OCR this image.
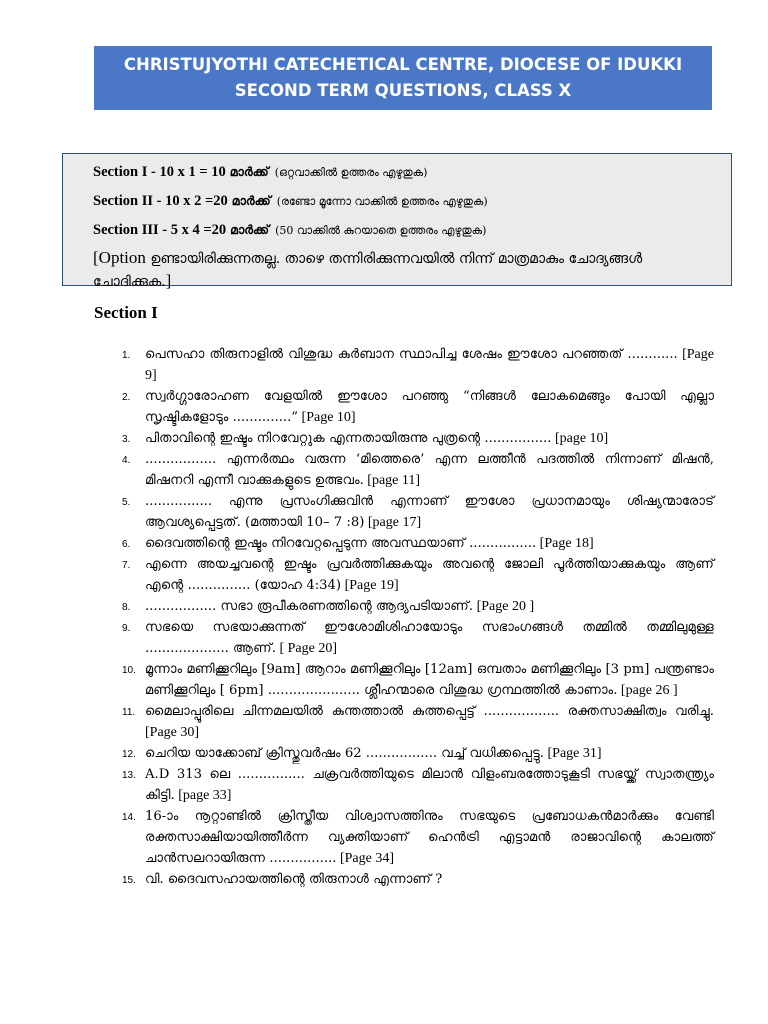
CHRISTUJYOTHI CATECHETICAL CENTRE, DIOCESE OF IDUKKI
SECOND TERM QUESTIONS, CLASS X
Section I - 10 x 1 = 10 മാർക്ക് (ഒറ്റവാക്കിൽ ഉത്തരം എഴുതുക)
Section II - 10 x 2 =20 മാർക്ക് (രണ്ടോ മൂന്നോ വാക്കിൽ ഉത്തരം എഴുതുക)
Section III - 5 x 4 =20 മാർക്ക് (50 വാക്കിൽ കുറയാതെ ഉത്തരം എഴുതുക)
[Option ഉണ്ടായിരിക്കുന്നതല്ല. താഴെ തന്നിരിക്കുന്നവയിൽ നിന്ന് മാത്രമാകും ചോദ്യങ്ങൾ ചോദിക്കുക.]
Section I
1. പെസഹാ തിരുനാളിൽ വിശുദ്ധ കുർബാന സ്ഥാപിച്ച ശേഷം ഈശോ പറഞ്ഞത് ............ [Page 9]
2. സ്വർഗ്ഗാരോഹണ വേളയിൽ ഈശോ പറഞ്ഞു “നിങ്ങൾ ലോകമെങ്ങും പോയി എല്ലാ സൃഷ്ടികളോടും ..............” [Page 10]
3. പിതാവിന്റെ ഇഷ്ടം നിറവേറ്റുക എന്നതായിരുന്നു പുത്രന്റെ ................ [page 10]
4. ................. എന്നർത്ഥം വരുന്ന ‘മിത്തെരെ’ എന്ന ലത്തീൻ പദത്തിൽ നിന്നാണ് മിഷൻ, മിഷനറി എന്നീ വാക്കുകളുടെ ഉത്ഭവം. [page 11]
5. ................ എന്നു പ്രസംഗിക്കുവിൻ എന്നാണ് ഈശോ പ്രധാനമായും ശിഷ്യന്മാരോട് ആവശ്യപ്പെട്ടത്. (മത്തായി 10– 7 :8) [page 17]
6. ദൈവത്തിന്റെ ഇഷ്ടം നിറവേറ്റപ്പെടുന്ന അവസ്ഥയാണ് ................ [Page 18]
7. എന്നെ അയച്ചവന്റെ ഇഷ്ടം പ്രവർത്തിക്കുകയും അവന്റെ ജോലി പൂർത്തിയാക്കുകയും ആണ് എന്റെ ............... (യോഹ 4:34) [Page 19]
8. ................. സഭാ രൂപീകരണത്തിന്റെ ആദ്യപടിയാണ്. [Page 20 ]
9. സഭയെ സഭയാക്കുന്നത് ഈശോമിശിഹായോടും സഭാംഗങ്ങൾ തമ്മിൽ തമ്മിലുമുള്ള .................... ആണ്. [ Page 20]
10. മൂന്നാം മണിക്കൂറിലും [9am] ആറാം മണിക്കൂറിലും [12am] ഒമ്പതാം മണിക്കൂറിലും [3 pm] പന്ത്രണ്ടാം മണിക്കൂറിലും [ 6pm] ...................... ശ്ലീഹന്മാരെ വിശുദ്ധ ഗ്രന്ഥത്തിൽ കാണാം. [page 26 ]
11. മൈലാപ്പൂരിലെ ചിന്നമലയിൽ കുന്തത്താൽ കുത്തപ്പെട്ട് .................. രക്തസാക്ഷിത്വം വരിച്ചു. [Page 30]
12. ചെറിയ യാക്കോബ് ക്രിസ്തുവർഷം 62 ................. വച്ച് വധിക്കപ്പെട്ടു. [Page 31]
13. A.D 313 ലെ ................ ചക്രവർത്തിയുടെ മിലാൻ വിളംബരത്തോടുകൂടി സഭയ്ക്ക് സ്വാതന്ത്ര്യം കിട്ടി. [page 33]
14. 16-ാം നൂറ്റാണ്ടിൽ ക്രിസ്തീയ വിശ്വാസത്തിനും സഭയുടെ പ്രബോധകൻമാർക്കും വേണ്ടി രക്തസാക്ഷിയായിത്തീർന്ന വ്യക്തിയാണ് ഹെൻട്രി എട്ടാമൻ രാജാവിന്റെ കാലത്ത് ചാൻസലറായിരുന്ന ................ [Page 34]
15. വി. ദൈവസഹായത്തിന്റെ തിരുനാൾ എന്നാണ് ?
